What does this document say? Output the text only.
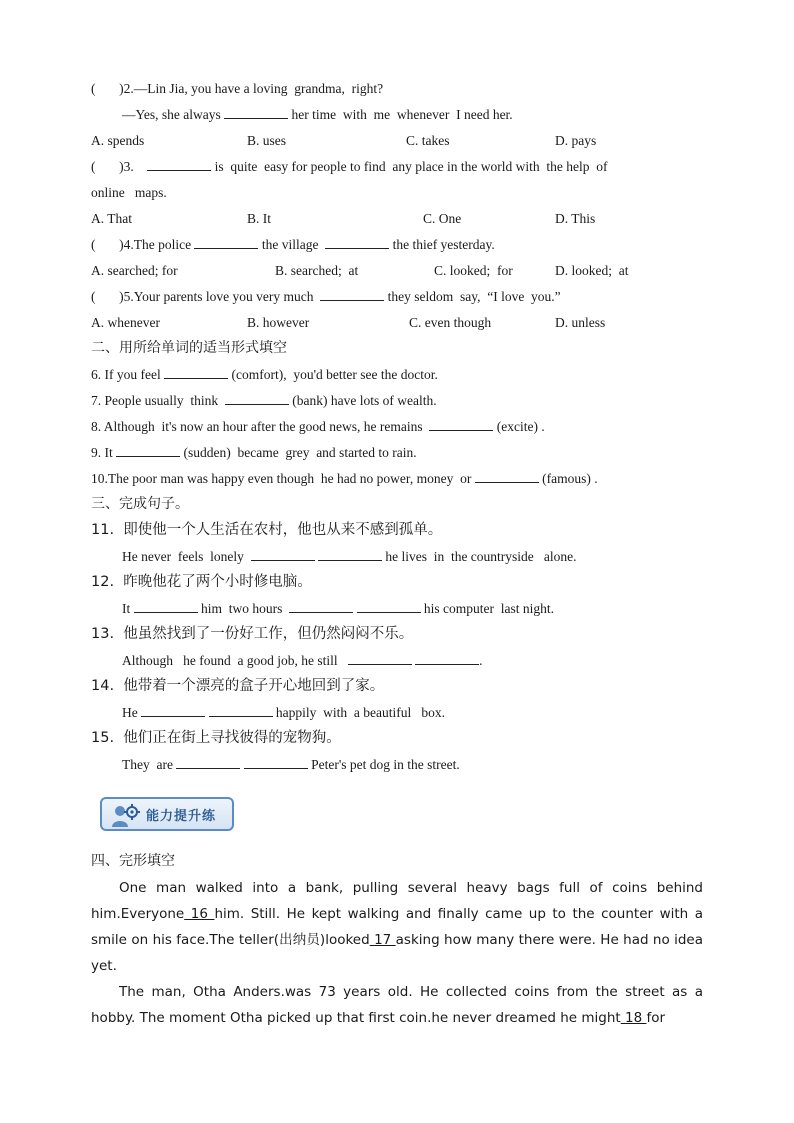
(       )2.—Lin Jia, you have a loving  grandma,  right?
—Yes, she always	her time  with  me  whenever  I need her.
A. spends	B. uses	C. takes	D. pays
(       )3.	is  quite  easy for people to find  any place in the world with  the help  of
online   maps.
A. That	B. It	C. One	D. This
(       )4.The police	the village	the thief yesterday.
A. searched; for	B. searched;  at	C. looked;  for	D. looked;  at
(       )5.Your parents love you very much	they seldom  say,  “I love  you.”
A. whenever	B. however	C. even though	D. unless
二、用所给单词的适当形式填空
6. If you feel	(comfort),  you'd better see the doctor.
7. People usually  think	(bank) have lots of wealth.
8. Although  it's now an hour after the good news, he remains	(excite) .
9. It	(sudden)  became  grey  and started to rain.
10.The poor man was happy even though  he had no power, money  or	(famous) .
三、完成句子。
11.  即使他一个人生活在农村，他也从来不感到孤单。
He never  feels  lonely	he lives  in  the countryside   alone.
12.  昨晚他花了两个小时修电脑。
It	him  two hours	his computer  last night.
13.  他虽然找到了一份好工作，但仍然闷闷不乐。
Although   he found  a good job, he still	.
14.  他带着一个漂亮的盒子开心地回到了家。
He	happily  with  a beautiful   box.
15.  他们正在街上寻找彼得的宠物狗。
They  are	Peter's pet dog in the street.
能力提升练
四、完形填空

One man walked into a bank, pulling several heavy bags full of coins behind him.Everyone 16 him. Still. He kept walking and finally came up to the counter with a smile on his face.The teller(出纳员)looked 17 asking how many there were. He had no idea yet.

The man, Otha Anders.was 73 years old. He collected coins from the street as a hobby. The moment Otha picked up that first coin.he never dreamed he might 18 for
